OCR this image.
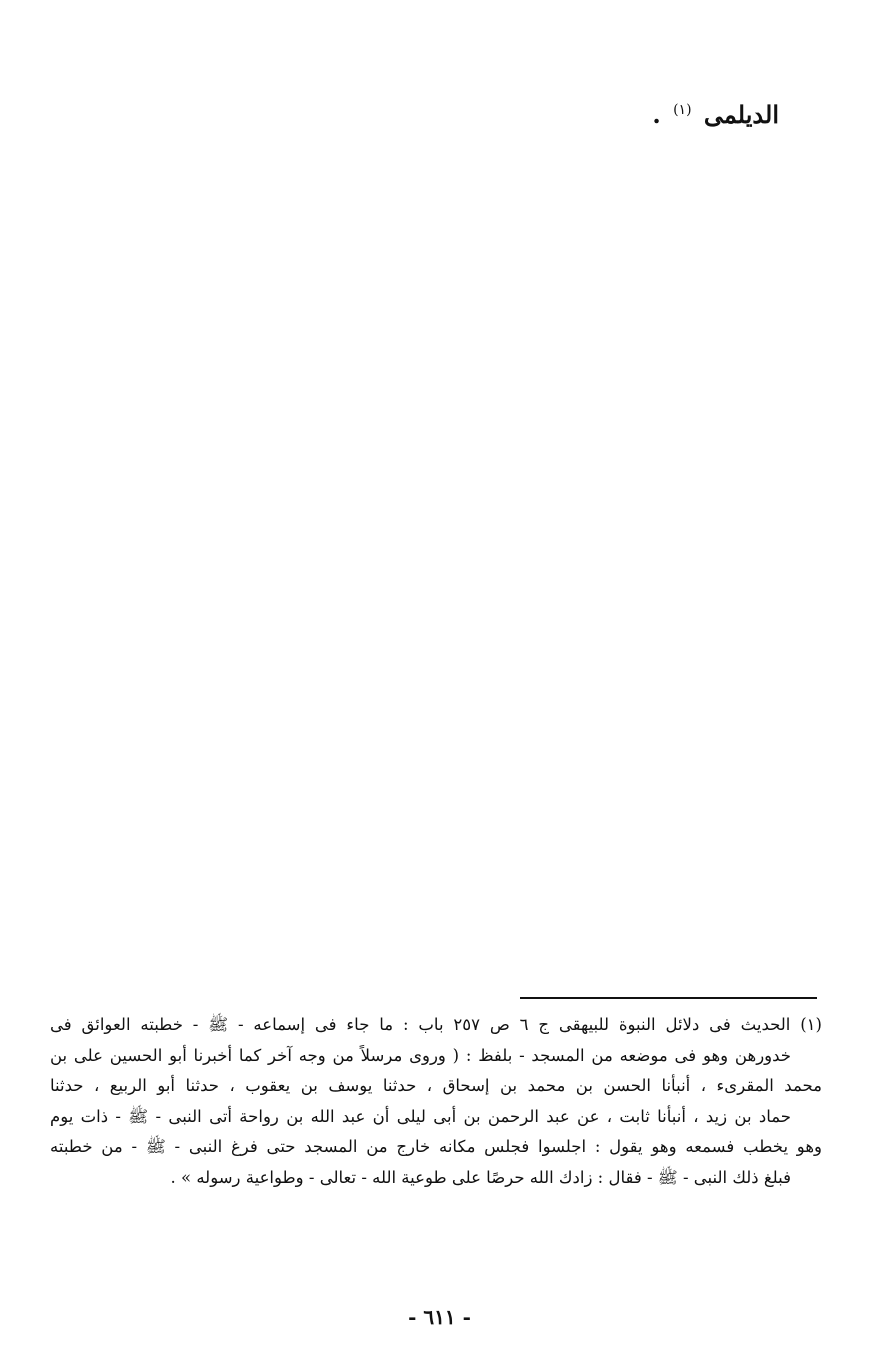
الديلمى $^{(١)}$ .
(١) الحديث فى دلائل النبوة للبيهقى ج ٦ ص ٢٥٧ باب : ما جاء فى إسماعه - ﷺ - خطبته العوائق فى
خدورهن وهو فى موضعه من المسجد - بلفظ : ( وروى مرسلاً من وجه آخر كما أخبرنا أبو الحسين على بن
محمد المقرىء ، أنبأنا الحسن بن محمد بن إسحاق ، حدثنا يوسف بن يعقوب ، حدثنا أبو الربيع ، حدثنا
حماد بن زيد ، أنبأنا ثابت ، عن عبد الرحمن بن أبى ليلى أن عبد الله بن رواحة أتى النبى - ﷺ - ذات يوم
وهو يخطب فسمعه وهو يقول : اجلسوا فجلس مكانه خارج من المسجد حتى فرغ النبى - ﷺ - من خطبته
فبلغ ذلك النبى - ﷺ - فقال : زادك الله حرصًا على طوعية الله - تعالى - وطواعية رسوله » .
- ٦١١ -
